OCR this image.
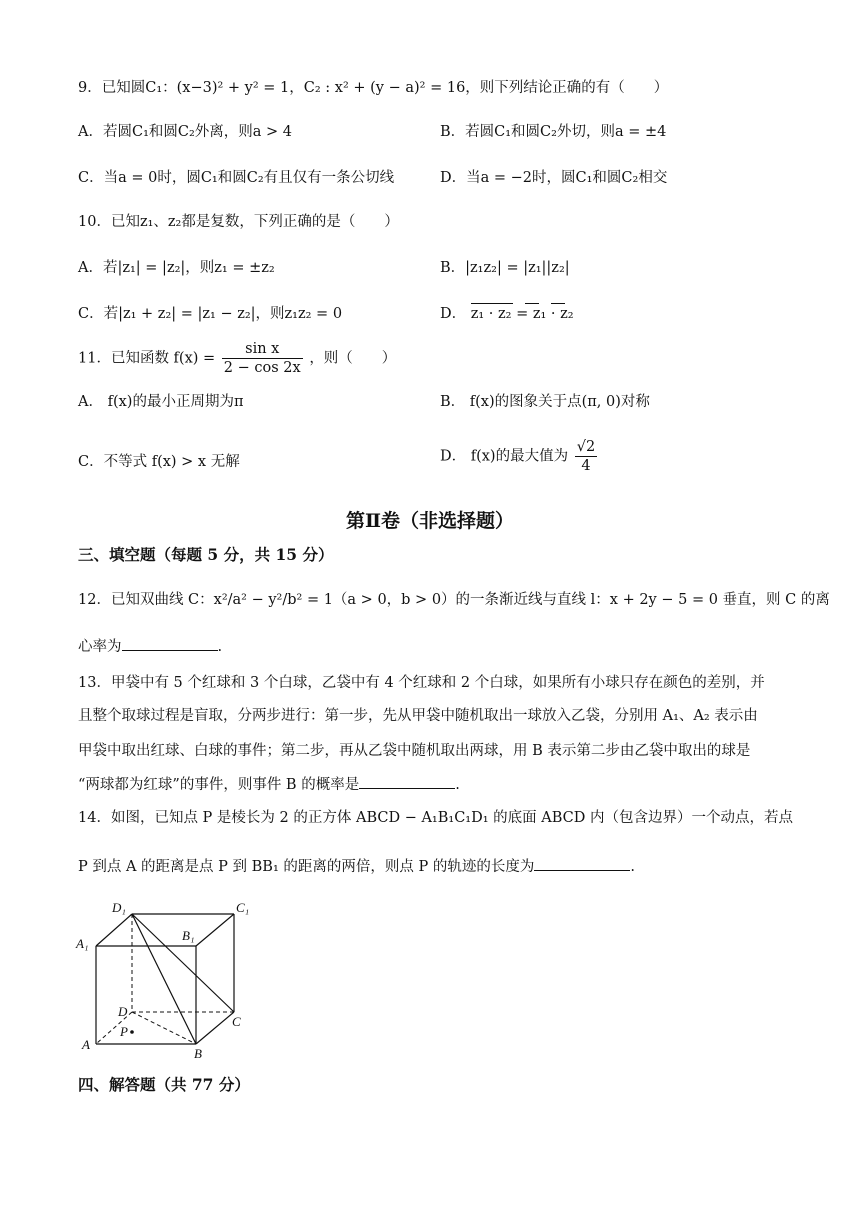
9．已知圆C₁：(x−3)² + y² = 1，C₂ : x² + (y − a)² = 16，则下列结论正确的有（　　）
A．若圆C₁和圆C₂外离，则a > 4	B．若圆C₁和圆C₂外切，则a = ±4
C．当a = 0时，圆C₁和圆C₂有且仅有一条公切线	D．当a = −2时，圆C₁和圆C₂相交
10．已知z₁、z₂都是复数，下列正确的是（　　）
A．若|z₁| = |z₂|，则z₁ = ±z₂	B．|z₁z₂| = |z₁||z₂|
C．若|z₁ + z₂| = |z₁ − z₂|，则z₁z₂ = 0	D． z₁ · z₂ = z₁ · z₂
11．已知函数 $f(x) = \frac{\text{sin x}}{2 - \cos 2x}$ ，则（　　）
A． f(x)的最小正周期为π	B． f(x)的图象关于点(π, 0)对称
C．不等式 f(x) > x 无解	D． f(x)的最大值为 $\frac{√2}{4}$
第Ⅱ卷（非选择题）
三、填空题（每题 5 分，共 15 分）
12．已知双曲线 C：x²/a² − y²/b² = 1（a > 0，b > 0）的一条渐近线与直线 l：x + 2y − 5 = 0 垂直，则 C 的离
心率为	.
13．甲袋中有 5 个红球和 3 个白球，乙袋中有 4 个红球和 2 个白球，如果所有小球只存在颜色的差别，并
且整个取球过程是盲取，分两步进行：第一步，先从甲袋中随机取出一球放入乙袋，分别用 A₁、A₂ 表示由
甲袋中取出红球、白球的事件；第二步，再从乙袋中随机取出两球，用 B 表示第二步由乙袋中取出的球是
“两球都为红球”的事件，则事件 B 的概率是	.
14．如图，已知点 P 是棱长为 2 的正方体 ABCD − A₁B₁C₁D₁ 的底面 ABCD 内（包含边界）一个动点，若点
P 到点 A 的距离是点 P 到 BB₁ 的距离的两倍，则点 P 的轨迹的长度为	.
D₁	C₁
A₁
B₁
D
C
P
A
B
四、解答题（共 77 分）
